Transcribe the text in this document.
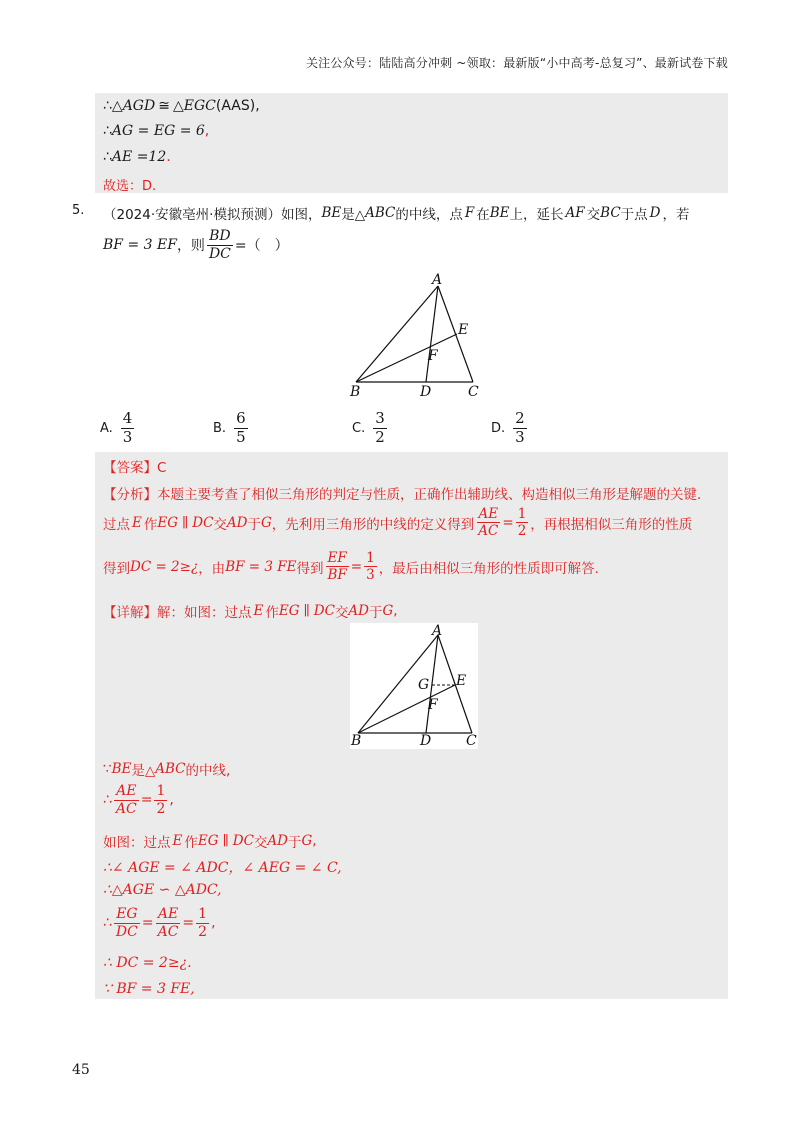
关注公众号：陆陆高分冲刺 ~领取：最新版“小中高考-总复习”、最新试卷下载
∴△ AGD ≅ △ EGC (AAS),
∴ AG = EG = 6 ,
∴ AE =12 .
故选：D.
5. （2024·安徽亳州·模拟预测）如图， BE 是△ ABC 的中线，点 F 在 BE 上，延长 AF 交 BC 于点 D ，若
BF = 3 EF ，则 $\frac{BD}{DC}$ =（　）
A
B	C
D
E
F
A. $\frac{4}{3}$	B. $\frac{6}{5}$	C. $\frac{3}{2}$	D. $\frac{2}{3}$
【答案】C
【分析】本题主要考查了相似三角形的判定与性质，正确作出辅助线、构造相似三角形是解题的关键．
过点 E 作 EG ∥ DC 交 AD 于 G ，先利用三角形的中线的定义得到 $\frac{AE}{AC} = \frac{1}{2}$ ，再根据相似三角形的性质
得到 DC = 2≥¿ ，由 BF = 3 FE 得到 $\frac{EF}{BF} = \frac{1}{3}$ ，最后由相似三角形的性质即可解答．
【详解】解：如图：过点 E 作 EG ∥ DC 交 AD 于 G ,
A
B	C
D
E
F
G
∵ BE 是△ ABC 的中线,
∴ $\frac{AE}{AC} = \frac{1}{2}$ ,
如图：过点 E 作 EG ∥ DC 交 AD 于 G ,
∴∠ AGE = ∠ ADC，∠ AEG = ∠ C,
∴△AGE ∽ △ADC,
∴ $\frac{EG}{DC} = \frac{AE}{AC} = \frac{1}{2}$ ,
∴ DC = 2≥¿.
∵ BF = 3 FE,
45
